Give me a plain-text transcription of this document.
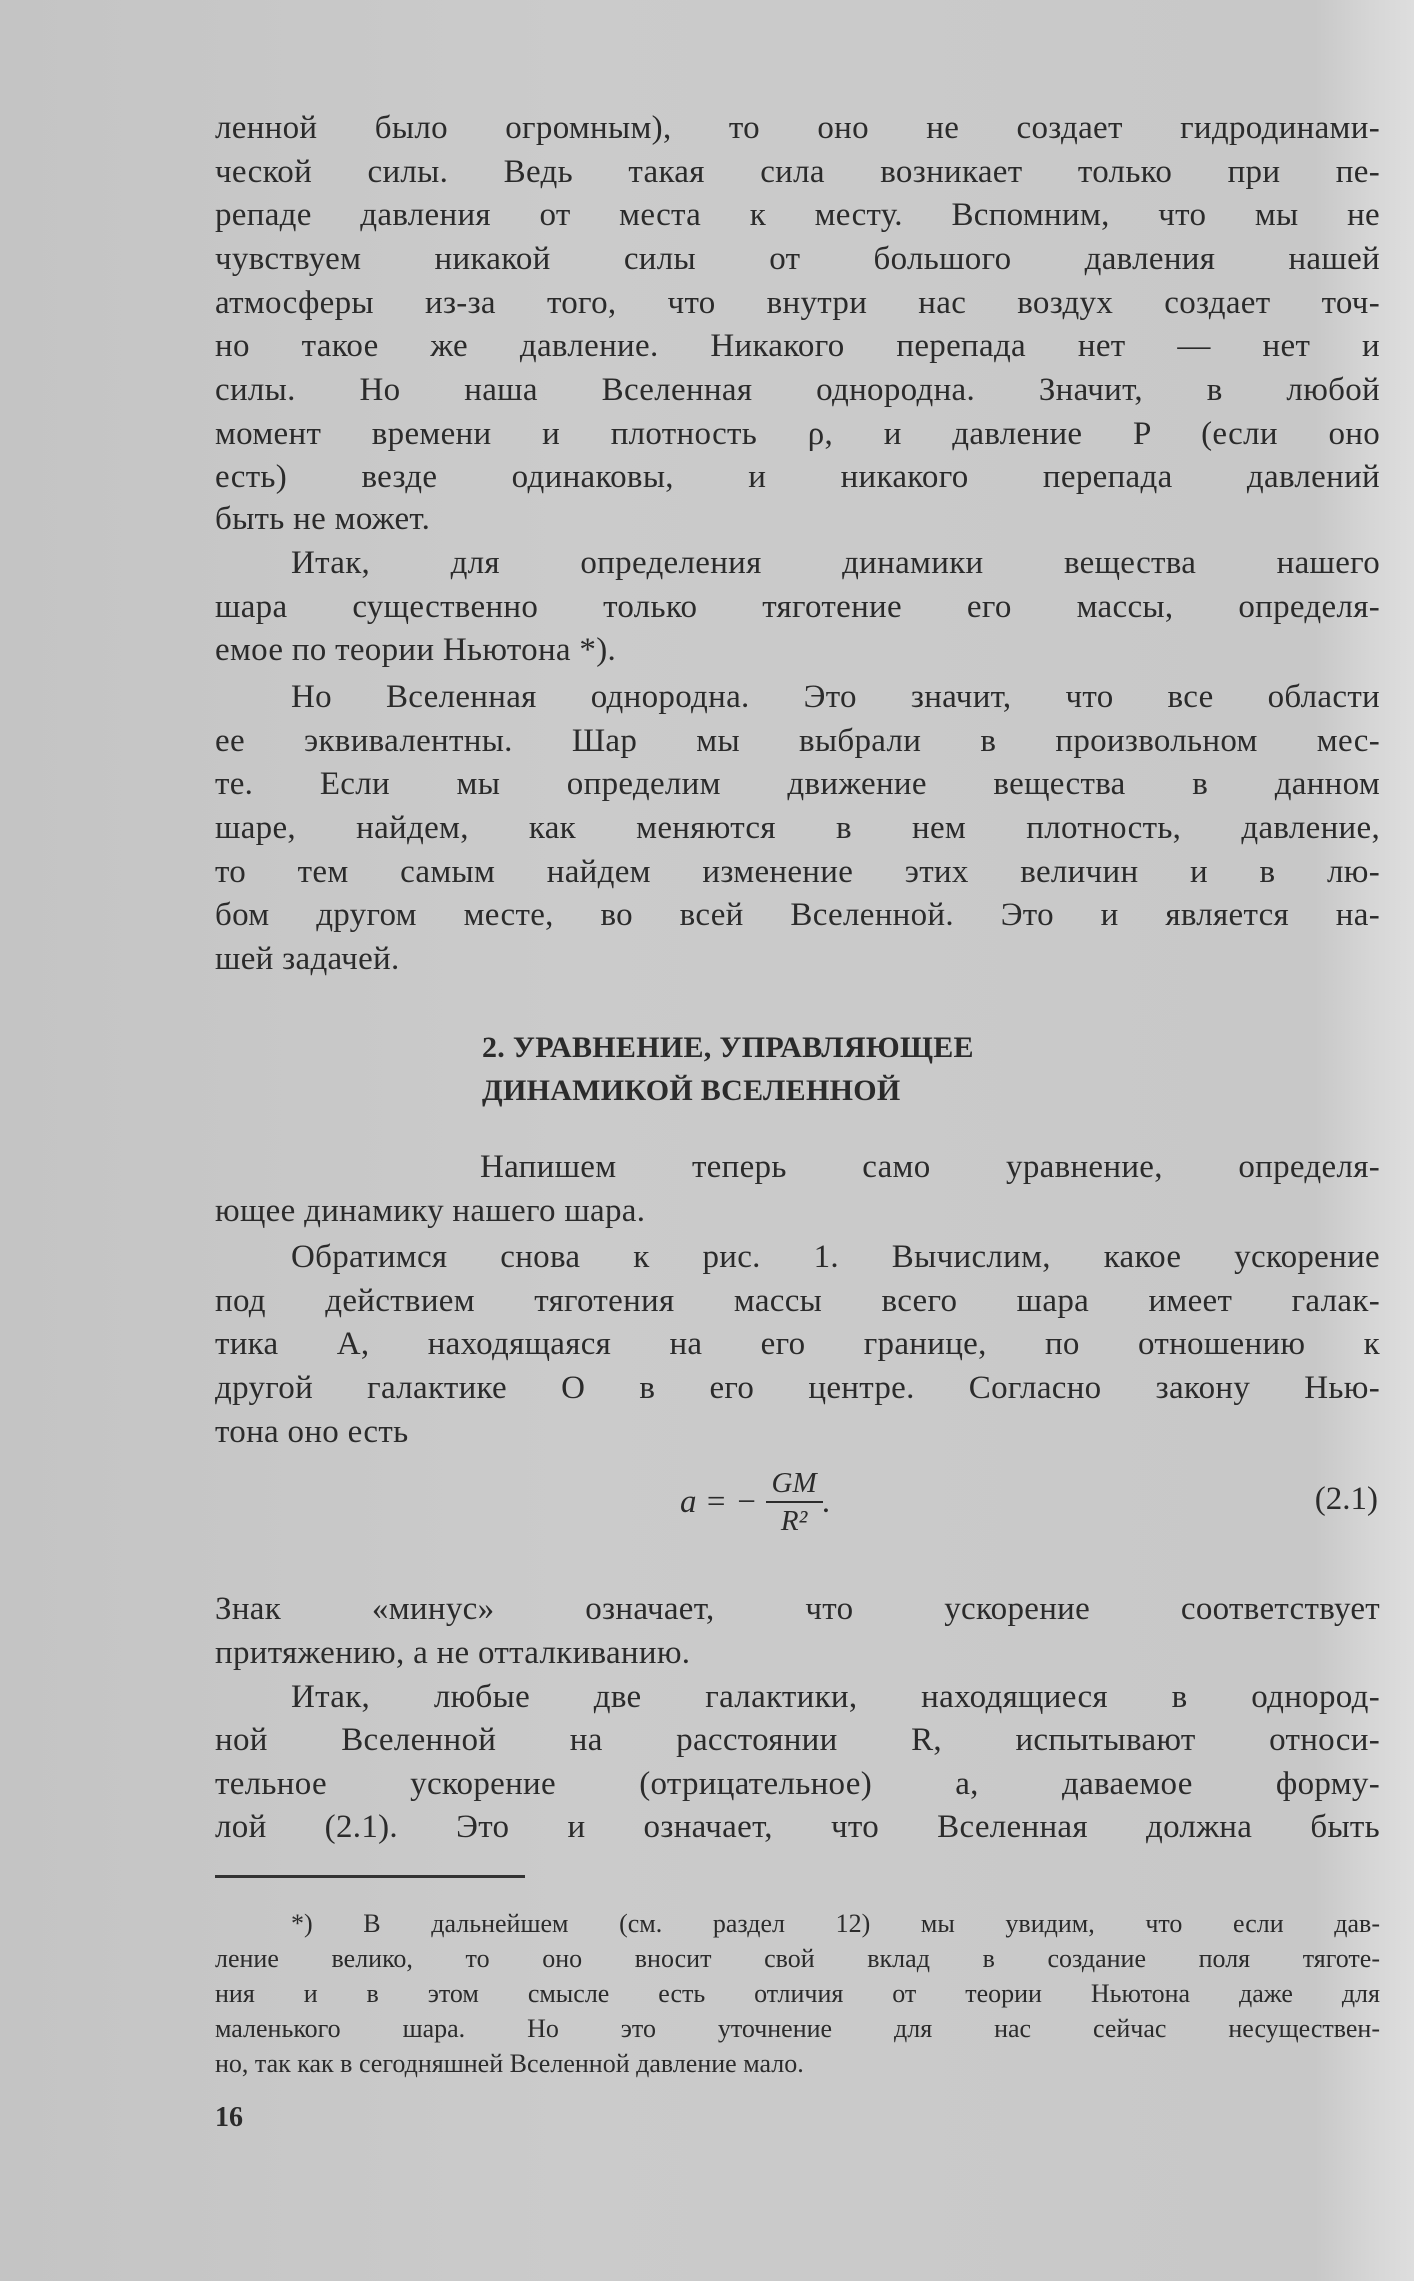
ленной было огромным), то оно не создает гидродинами-
ческой силы. Ведь такая сила возникает только при пе-
репаде давления от места к месту. Вспомним, что мы не
чувствуем никакой силы от большого давления нашей
атмосферы из-за того, что внутри нас воздух создает точ-
но такое же давление. Никакого перепада нет — нет и
силы. Но наша Вселенная однородна. Значит, в любой
момент времени и плотность ρ, и давление P (если оно
есть) везде одинаковы, и никакого перепада давлений
быть не может.
Итак, для определения динамики вещества нашего
шара существенно только тяготение его массы, определя-
емое по теории Ньютона *).
Но Вселенная однородна. Это значит, что все области
ее эквивалентны. Шар мы выбрали в произвольном мес-
те. Если мы определим движение вещества в данном
шаре, найдем, как меняются в нем плотность, давление,
то тем самым найдем изменение этих величин и в лю-
бом другом месте, во всей Вселенной. Это и является на-
шей задачей.
Напишем теперь само уравнение, определя-
ющее динамику нашего шара.
Обратимся снова к рис. 1. Вычислим, какое ускорение
под действием тяготения массы всего шара имеет галак-
тика A, находящаяся на его границе, по отношению к
другой галактике O в его центре. Согласно закону Нью-
тона оно есть
Знак «минус» означает, что ускорение соответствует
притяжению, а не отталкиванию.
Итак, любые две галактики, находящиеся в однород-
ной Вселенной на расстоянии R, испытывают относи-
тельное ускорение (отрицательное) a, даваемое форму-
лой (2.1). Это и означает, что Вселенная должна быть
2. УРАВНЕНИЕ, УПРАВЛЯЮЩЕЕ
ДИНАМИКОЙ ВСЕЛЕННОЙ
a = − $\frac{GM}{\text{R²}}$ .	(2.1)
*) В дальнейшем (см. раздел 12) мы увидим, что если дав-
ление велико, то оно вносит свой вклад в создание поля тяготе-
ния и в этом смысле есть отличия от теории Ньютона даже для
маленького шара. Но это уточнение для нас сейчас несуществен-
но, так как в сегодняшней Вселенной давление мало.
16
